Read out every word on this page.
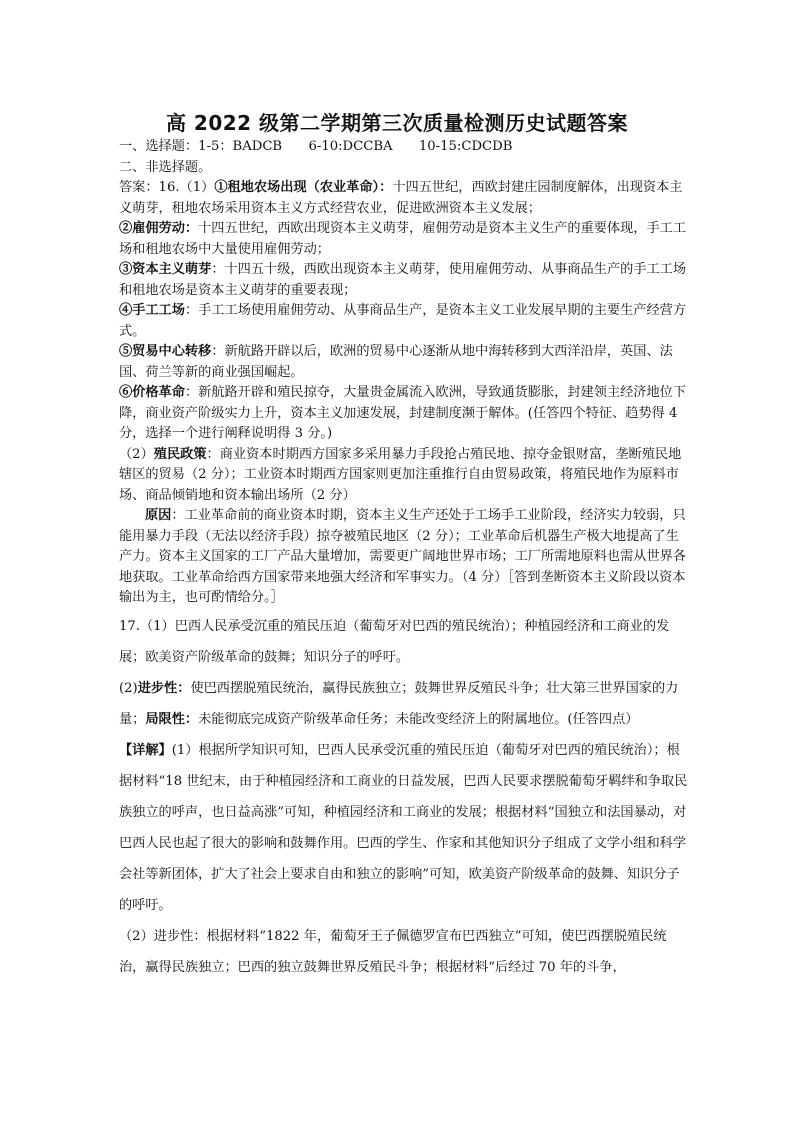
高 2022 级第二学期第三次质量检测历史试题答案

一、选择题：1-5：BADCB　　6-10:DCCBA　　10-15:CDCDB

二、非选择题。

答案：16.（1）①租地农场出现（农业革命）：十四五世纪，西欧封建庄园制度解体，出现资本主义萌芽，租地农场采用资本主义方式经营农业，促进欧洲资本主义发展；

②雇佣劳动：十四五世纪，西欧出现资本主义萌芽，雇佣劳动是资本主义生产的重要体现，手工工场和租地农场中大量使用雇佣劳动；

③资本主义萌芽：十四五十级，西欧出现资本主义萌芽，使用雇佣劳动、从事商品生产的手工工场和租地农场是资本主义萌芽的重要表现；

④手工工场：手工工场使用雇佣劳动、从事商品生产，是资本主义工业发展早期的主要生产经营方式。

⑤贸易中心转移：新航路开辟以后，欧洲的贸易中心逐渐从地中海转移到大西洋沿岸，英国、法国、荷兰等新的商业强国崛起。

⑥价格革命：新航路开辟和殖民掠夺，大量贵金属流入欧洲，导致通货膨胀，封建领主经济地位下降，商业资产阶级实力上升，资本主义加速发展，封建制度濒于解体。(任答四个特征、趋势得 4 分，选择一个进行阐释说明得 3 分。)

（2）殖民政策：商业资本时期西方国家多采用暴力手段抢占殖民地、掠夺金银财富，垄断殖民地辖区的贸易（2 分）；工业资本时期西方国家则更加注重推行自由贸易政策，将殖民地作为原料市场、商品倾销地和资本输出场所（2 分）

原因：工业革命前的商业资本时期，资本主义生产还处于工场手工业阶段，经济实力较弱，只能用暴力手段（无法以经济手段）掠夺被殖民地区（2 分）；工业革命后机器生产极大地提高了生产力。资本主义国家的工厂产品大量增加，需要更广阔地世界市场；工厂所需地原料也需从世界各地获取。工业革命给西方国家带来地强大经济和军事实力。（4 分）［答到垄断资本主义阶段以资本输出为主，也可酌情给分。］

17.（1）巴西人民承受沉重的殖民压迫（葡萄牙对巴西的殖民统治）；种植园经济和工商业的发展；欧美资产阶级革命的鼓舞；知识分子的呼吁。

(2)进步性：使巴西摆脱殖民统治，赢得民族独立；鼓舞世界反殖民斗争；壮大第三世界国家的力量；局限性：未能彻底完成资产阶级革命任务；未能改变经济上的附属地位。(任答四点）

【详解】(1）根据所学知识可知，巴西人民承受沉重的殖民压迫（葡萄牙对巴西的殖民统治）；根据材料“18 世纪末，由于种植园经济和工商业的日益发展，巴西人民要求摆脱葡萄牙羁绊和争取民族独立的呼声，也日益高涨”可知，种植园经济和工商业的发展；根据材料“国独立和法国暴动，对巴西人民也起了很大的影响和鼓舞作用。巴西的学生、作家和其他知识分子组成了文学小组和科学会社等新团体，扩大了社会上要求自由和独立的影响”可知，欧美资产阶级革命的鼓舞、知识分子的呼吁。

（2）进步性：根据材料“1822 年，葡萄牙王子佩德罗宣布巴西独立”可知，使巴西摆脱殖民统治，赢得民族独立；巴西的独立鼓舞世界反殖民斗争；根据材料“后经过 70 年的斗争，
